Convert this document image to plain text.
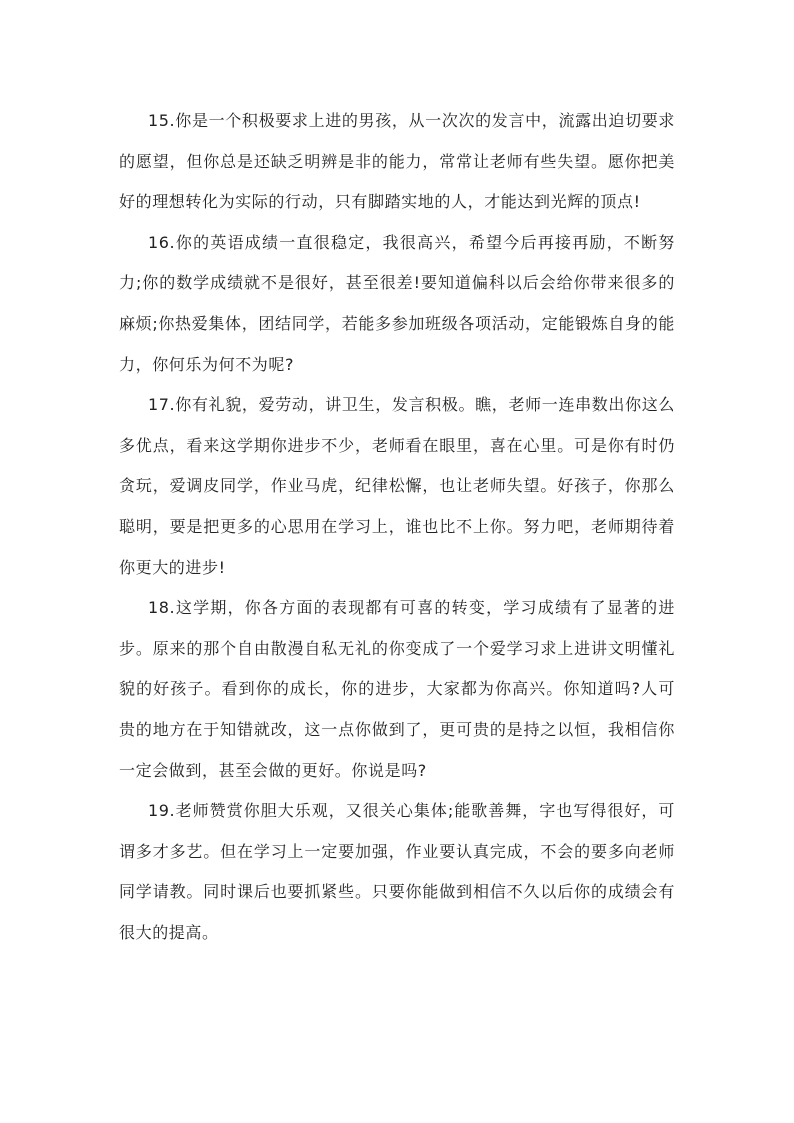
15.你是一个积极要求上进的男孩，从一次次的发言中，流露出迫切要求的愿望，但你总是还缺乏明辨是非的能力，常常让老师有些失望。愿你把美好的理想转化为实际的行动，只有脚踏实地的人，才能达到光辉的顶点!

16.你的英语成绩一直很稳定，我很高兴，希望今后再接再励，不断努力;你的数学成绩就不是很好，甚至很差!要知道偏科以后会给你带来很多的麻烦;你热爱集体，团结同学，若能多参加班级各项活动，定能锻炼自身的能力，你何乐为何不为呢?

17.你有礼貌，爱劳动，讲卫生，发言积极。瞧，老师一连串数出你这么多优点，看来这学期你进步不少，老师看在眼里，喜在心里。可是你有时仍贪玩，爱调皮同学，作业马虎，纪律松懈，也让老师失望。好孩子，你那么聪明，要是把更多的心思用在学习上，谁也比不上你。努力吧，老师期待着你更大的进步!

18.这学期，你各方面的表现都有可喜的转变，学习成绩有了显著的进步。原来的那个自由散漫自私无礼的你变成了一个爱学习求上进讲文明懂礼貌的好孩子。看到你的成长，你的进步，大家都为你高兴。你知道吗?人可贵的地方在于知错就改，这一点你做到了，更可贵的是持之以恒，我相信你一定会做到，甚至会做的更好。你说是吗?

19.老师赞赏你胆大乐观，又很关心集体;能歌善舞，字也写得很好，可谓多才多艺。但在学习上一定要加强，作业要认真完成，不会的要多向老师同学请教。同时课后也要抓紧些。只要你能做到相信不久以后你的成绩会有很大的提高。
